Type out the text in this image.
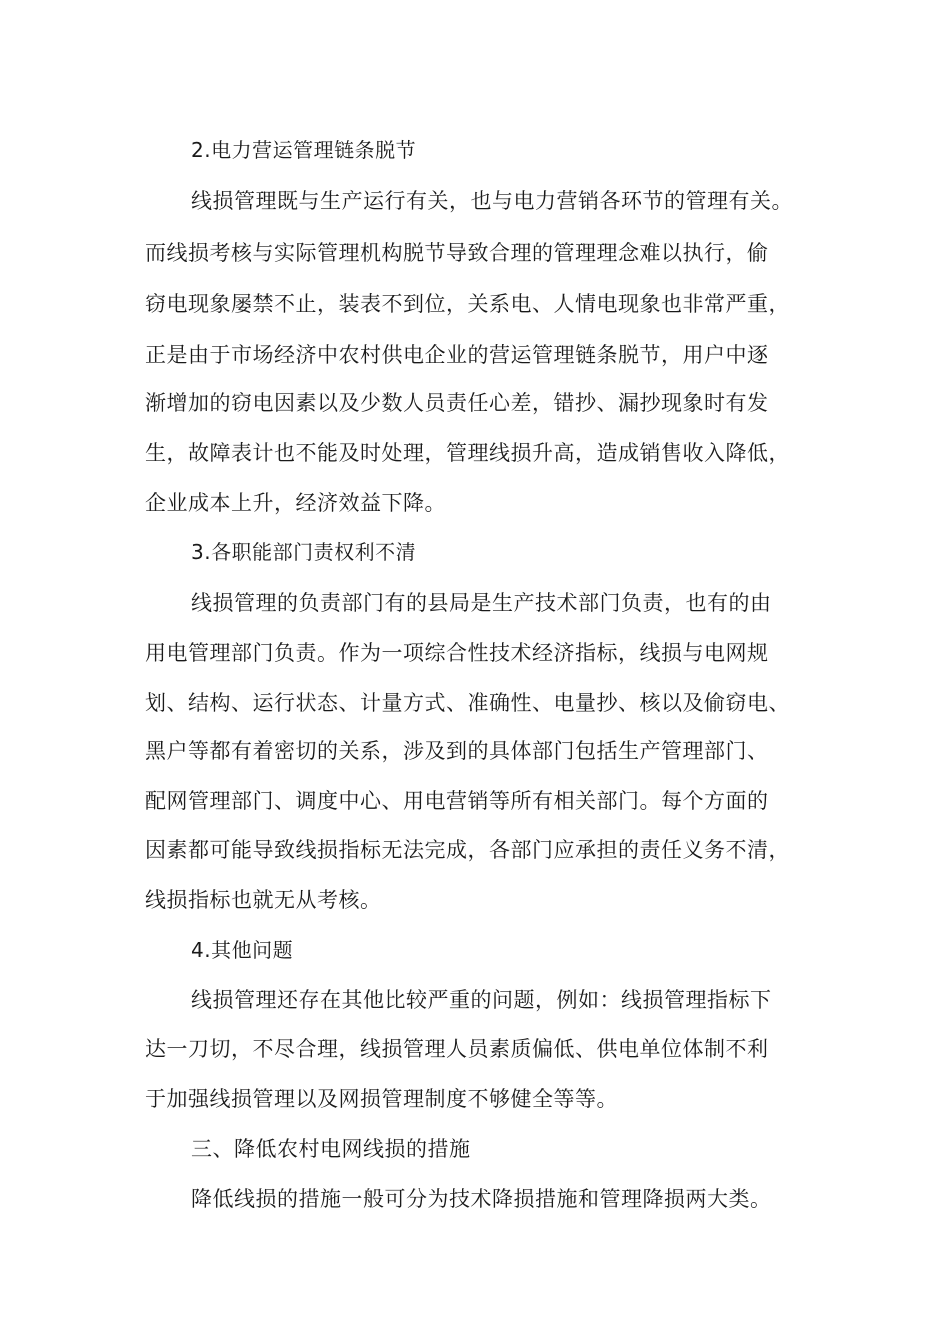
2.电力营运管理链条脱节
线损管理既与生产运行有关，也与电力营销各环节的管理有关。
而线损考核与实际管理机构脱节导致合理的管理理念难以执行，偷
窃电现象屡禁不止，装表不到位，关系电、人情电现象也非常严重，
正是由于市场经济中农村供电企业的营运管理链条脱节，用户中逐
渐增加的窃电因素以及少数人员责任心差，错抄、漏抄现象时有发
生，故障表计也不能及时处理，管理线损升高，造成销售收入降低，
企业成本上升，经济效益下降。
3.各职能部门责权利不清
线损管理的负责部门有的县局是生产技术部门负责，也有的由
用电管理部门负责。作为一项综合性技术经济指标，线损与电网规
划、结构、运行状态、计量方式、准确性、电量抄、核以及偷窃电、
黑户等都有着密切的关系，涉及到的具体部门包括生产管理部门、
配网管理部门、调度中心、用电营销等所有相关部门。每个方面的
因素都可能导致线损指标无法完成，各部门应承担的责任义务不清，
线损指标也就无从考核。
4.其他问题
线损管理还存在其他比较严重的问题，例如：线损管理指标下
达一刀切，不尽合理，线损管理人员素质偏低、供电单位体制不利
于加强线损管理以及网损管理制度不够健全等等。
三、降低农村电网线损的措施
降低线损的措施一般可分为技术降损措施和管理降损两大类。
